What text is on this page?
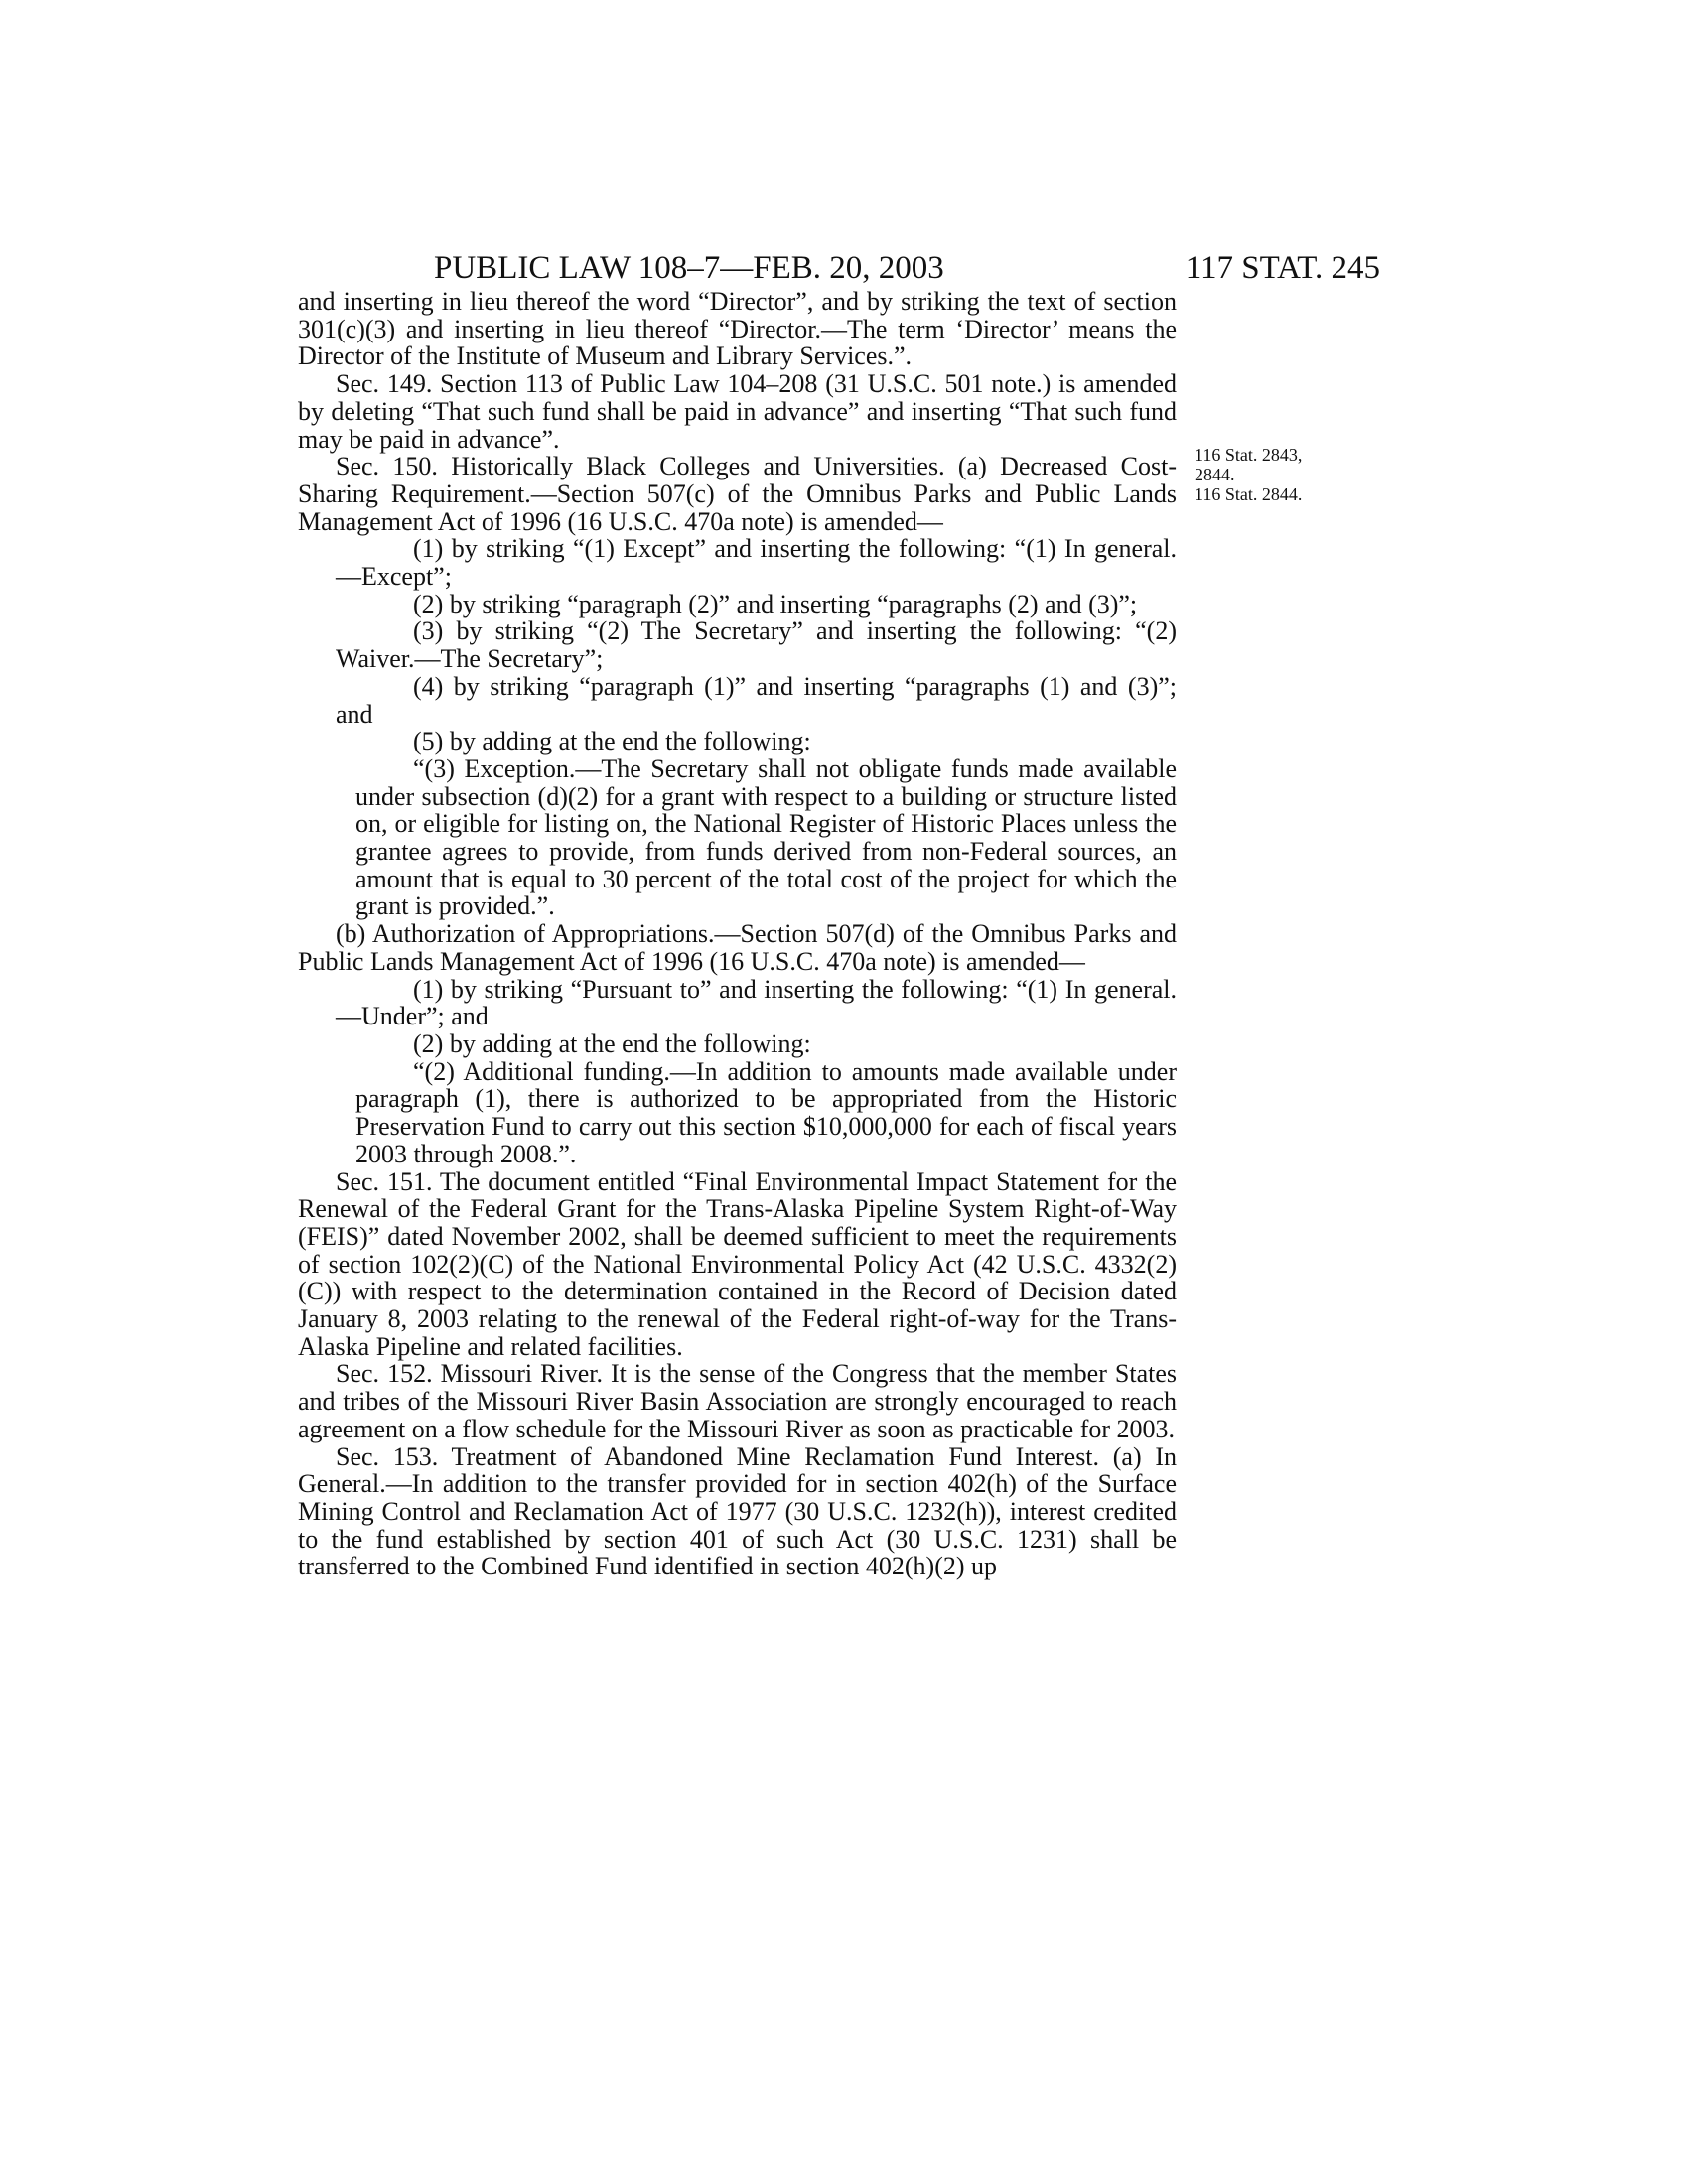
PUBLIC LAW 108–7—FEB. 20, 2003	117 STAT. 245
116 Stat. 2843,
2844.
116 Stat. 2844.

and inserting in lieu thereof the word “Director”, and by striking the text of section 301(c)(3) and inserting in lieu thereof “Director.—The term ‘Director’ means the Director of the Institute of Museum and Library Services.”.

Sec. 149. Section 113 of Public Law 104–208 (31 U.S.C. 501 note.) is amended by deleting “That such fund shall be paid in advance” and inserting “That such fund may be paid in advance”.

Sec. 150. Historically Black Colleges and Universities. (a) Decreased Cost-Sharing Requirement.—Section 507(c) of the Omnibus Parks and Public Lands Management Act of 1996 (16 U.S.C. 470a note) is amended—

(1) by striking “(1) Except” and inserting the following: “(1) In general.—Except”;

(2) by striking “paragraph (2)” and inserting “paragraphs (2) and (3)”;

(3) by striking “(2) The Secretary” and inserting the following: “(2) Waiver.—The Secretary”;

(4) by striking “paragraph (1)” and inserting “paragraphs (1) and (3)”; and

(5) by adding at the end the following:

“(3) Exception.—The Secretary shall not obligate funds made available under subsection (d)(2) for a grant with respect to a building or structure listed on, or eligible for listing on, the National Register of Historic Places unless the grantee agrees to provide, from funds derived from non-Federal sources, an amount that is equal to 30 percent of the total cost of the project for which the grant is provided.”.

(b) Authorization of Appropriations.—Section 507(d) of the Omnibus Parks and Public Lands Management Act of 1996 (16 U.S.C. 470a note) is amended—

(1) by striking “Pursuant to” and inserting the following: “(1) In general.—Under”; and

(2) by adding at the end the following:

“(2) Additional funding.—In addition to amounts made available under paragraph (1), there is authorized to be appropriated from the Historic Preservation Fund to carry out this section $10,000,000 for each of fiscal years 2003 through 2008.”.

Sec. 151. The document entitled “Final Environmental Impact Statement for the Renewal of the Federal Grant for the Trans-Alaska Pipeline System Right-of-Way (FEIS)” dated November 2002, shall be deemed sufficient to meet the requirements of section 102(2)(C) of the National Environmental Policy Act (42 U.S.C. 4332(2)(C)) with respect to the determination contained in the Record of Decision dated January 8, 2003 relating to the renewal of the Federal right-of-way for the Trans-Alaska Pipeline and related facilities.

Sec. 152. Missouri River. It is the sense of the Congress that the member States and tribes of the Missouri River Basin Association are strongly encouraged to reach agreement on a flow schedule for the Missouri River as soon as practicable for 2003.

Sec. 153. Treatment of Abandoned Mine Reclamation Fund Interest. (a) In General.—In addition to the transfer provided for in section 402(h) of the Surface Mining Control and Reclamation Act of 1977 (30 U.S.C. 1232(h)), interest credited to the fund established by section 401 of such Act (30 U.S.C. 1231) shall be transferred to the Combined Fund identified in section 402(h)(2) up
